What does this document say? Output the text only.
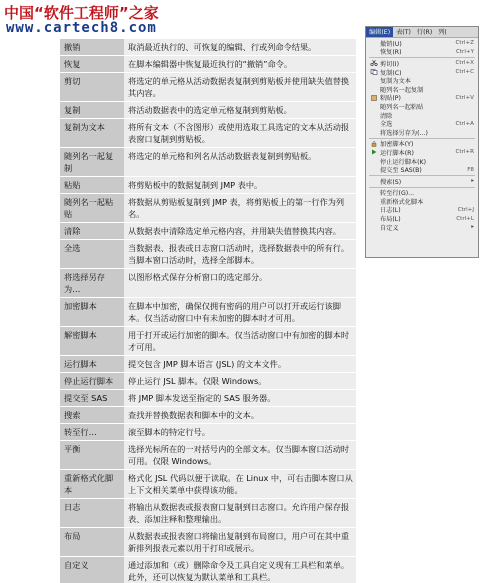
中国“软件工程师”之家
www.cartech8.com
撤销	取消最近执行的、可恢复的编辑、行或列命令结果。
恢复	在脚本编辑器中恢复最近执行的“撤销”命令。
剪切	将选定的单元格从活动数据表复制到剪贴板并使用缺失值替换其内容。
复制	将活动数据表中的选定单元格复制到剪贴板。
复制为文本	将所有文本（不含图形）或使用选取工具选定的文本从活动报表窗口复制到剪贴板。
随列名一起复制	将选定的单元格和列名从活动数据表复制到剪贴板。
粘贴	将剪贴板中的数据复制到 JMP 表中。
随列名一起粘贴	将数据从剪贴板复制到 JMP 表，将剪贴板上的第一行作为列名。
清除	从数据表中清除选定单元格内容，并用缺失值替换其内容。
全选	当数据表、报表或日志窗口活动时，选择数据表中的所有行。当脚本窗口活动时，选择全部脚本。
将选择另存为…	以图形格式保存分析窗口的选定部分。
加密脚本	在脚本中加密，确保仅拥有密码的用户可以打开或运行该脚本。仅当活动窗口中有未加密的脚本时才可用。
解密脚本	用于打开或运行加密的脚本。仅当活动窗口中有加密的脚本时才可用。
运行脚本	提交包含 JMP 脚本语言 (JSL) 的文本文件。
停止运行脚本	停止运行 JSL 脚本。仅限 Windows。
提交至 SAS	将 JMP 脚本发送至指定的 SAS 服务器。
搜索	查找并替换数据表和脚本中的文本。
转至行…	滚至脚本的特定行号。
平衡	选择光标所在的一对括号内的全部文本。仅当脚本窗口活动时可用。仅限 Windows。
重新格式化脚本	格式化 JSL 代码以便于读取。在 Linux 中，可右击脚本窗口从上下文相关菜单中获得该功能。
日志	将输出从数据表或报表窗口复制到日志窗口。允许用户保存报表、添加注释和整理输出。
布局	从数据表或报表窗口将输出复制到布局窗口，用户可在其中重新排列报表元素以用于打印或展示。
自定义	通过添加和（或）删除命令及工具自定义现有工具栏和菜单。此外，还可以恢复为默认菜单和工具栏。
编辑(E) 表(T) 行(R) 列(
撤销(U)	Ctrl+Z
恢复(R)	Ctrl+Y
剪切(I)	Ctrl+X
复制(C)	Ctrl+C
复制为文本
随列名一起复制
粘贴(P)	Ctrl+V
随列名一起粘贴
清除
全选	Ctrl+A
将选择另存为(...)
加密脚本(Y)
运行脚本(R)	Ctrl+R
停止运行脚本(K)
提交至 SAS(B)	F8
搜索(S)	▸
转至行(G)...
重新格式化脚本
日志(L)	Ctrl+J
布局(L)	Ctrl+L
自定义	▸
